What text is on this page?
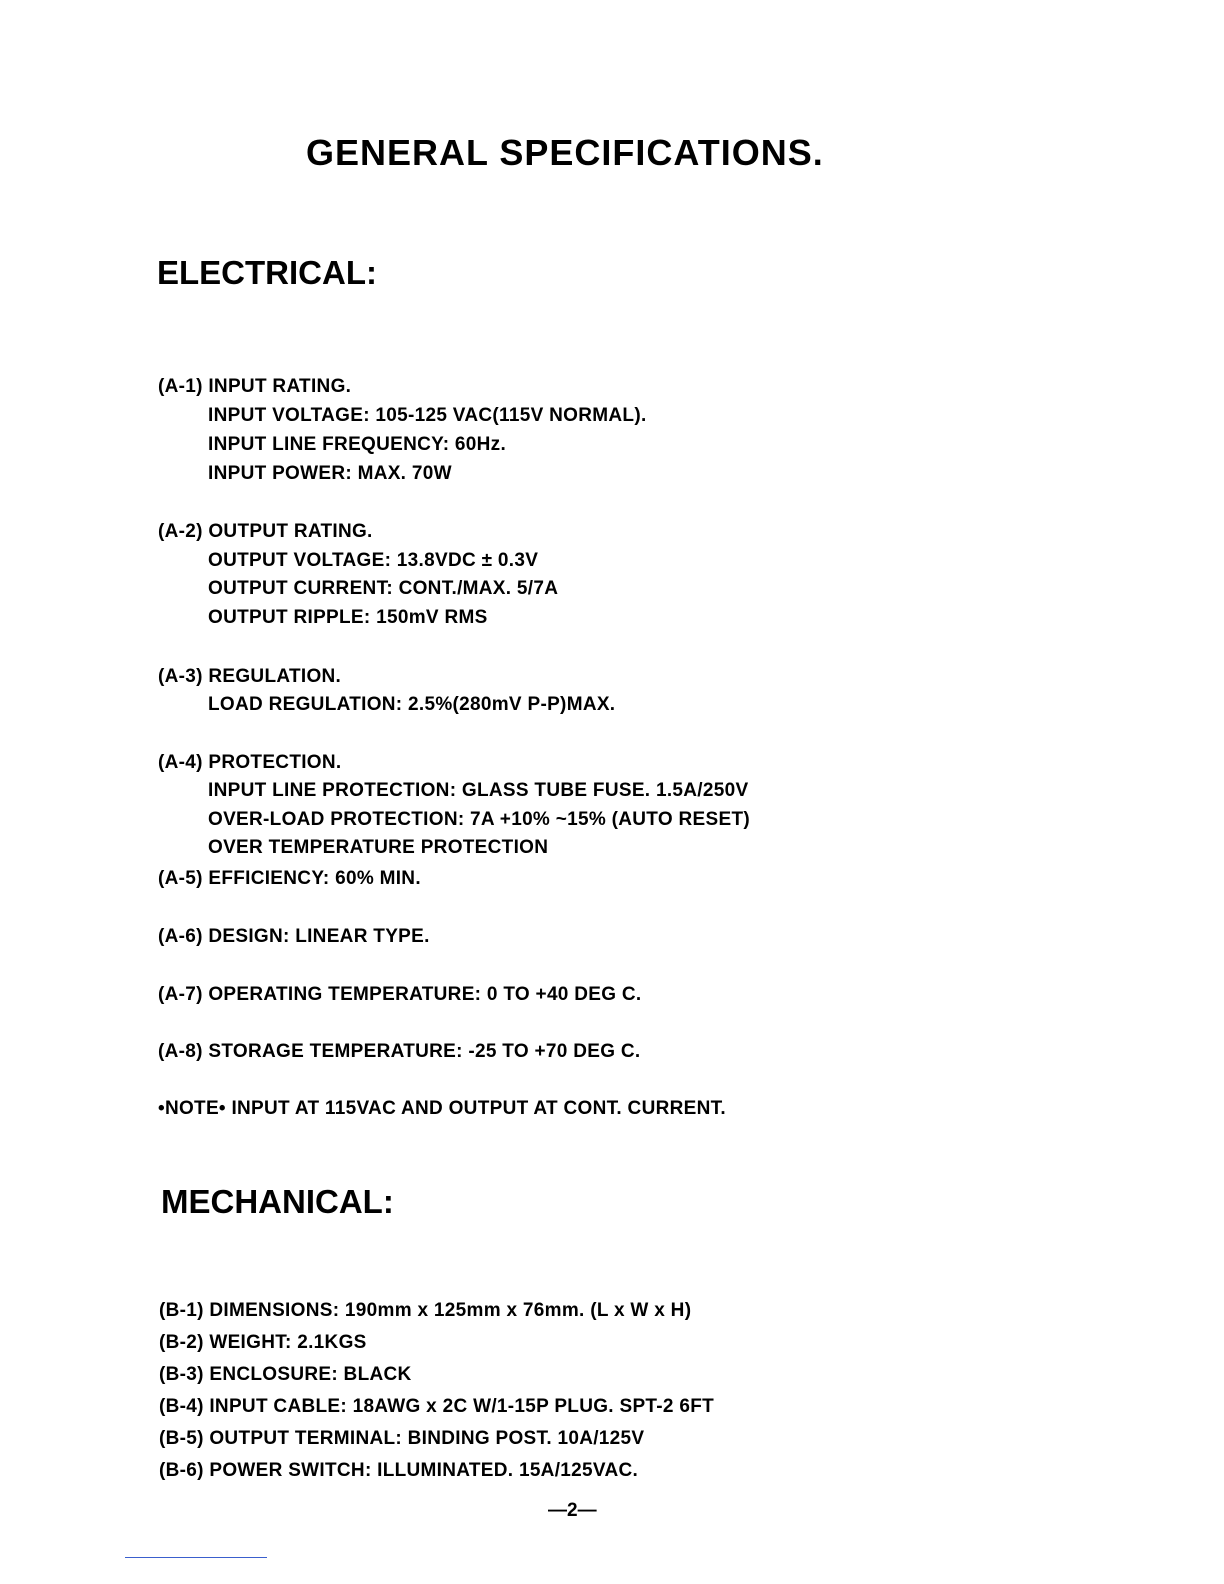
GENERAL SPECIFICATIONS.
ELECTRICAL:
(A-1) INPUT RATING.
INPUT VOLTAGE: 105-125 VAC(115V NORMAL).
INPUT LINE FREQUENCY: 60Hz.
INPUT POWER: MAX. 70W
(A-2) OUTPUT RATING.
OUTPUT VOLTAGE: 13.8VDC ± 0.3V
OUTPUT CURRENT: CONT./MAX. 5/7A
OUTPUT RIPPLE: 150mV RMS
(A-3) REGULATION.
LOAD REGULATION: 2.5%(280mV P-P)MAX.
(A-4) PROTECTION.
INPUT LINE PROTECTION: GLASS TUBE FUSE. 1.5A/250V
OVER-LOAD PROTECTION: 7A +10% ~15% (AUTO RESET)
OVER TEMPERATURE PROTECTION
(A-5) EFFICIENCY: 60% MIN.
(A-6) DESIGN: LINEAR TYPE.
(A-7) OPERATING TEMPERATURE: 0 TO +40 DEG C.
(A-8) STORAGE TEMPERATURE: -25 TO +70 DEG C.
•NOTE• INPUT AT 115VAC AND OUTPUT AT CONT. CURRENT.
MECHANICAL:
(B-1) DIMENSIONS: 190mm x 125mm x 76mm. (L x W x H)
(B-2) WEIGHT: 2.1KGS
(B-3) ENCLOSURE: BLACK
(B-4) INPUT CABLE: 18AWG x 2C W/1-15P PLUG. SPT-2 6FT
(B-5) OUTPUT TERMINAL: BINDING POST. 10A/125V
(B-6) POWER SWITCH: ILLUMINATED. 15A/125VAC.
—2—
